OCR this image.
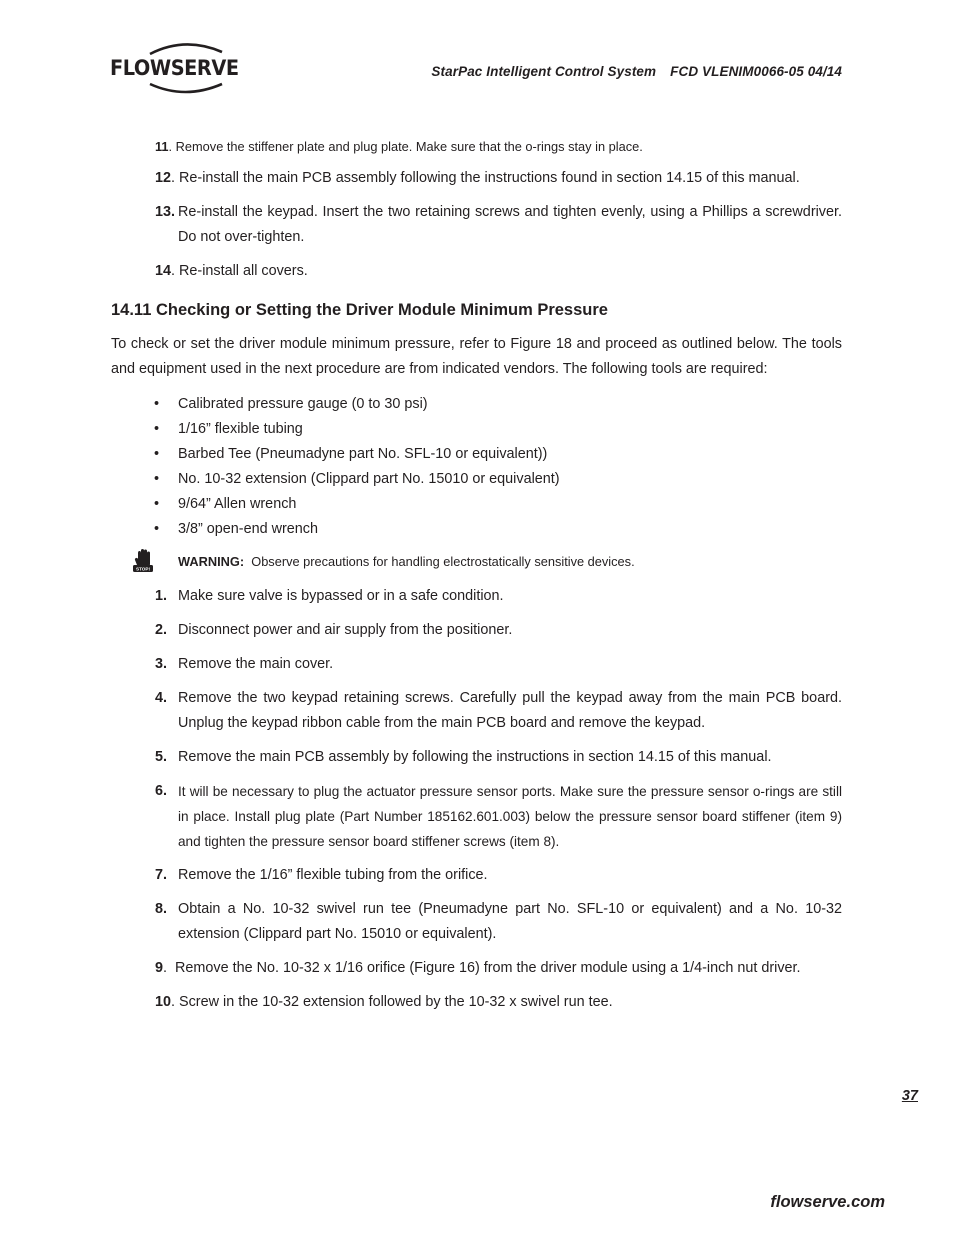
FLOWSERVE	StarPac Intelligent Control System FCD VLENIM0066-05 04/14
11. Remove the stiffener plate and plug plate. Make sure that the o-rings stay in place.
12. Re-install the main PCB assembly following the instructions found in section 14.15 of this manual.
13. Re-install the keypad. Insert the two retaining screws and tighten evenly, using a Phillips a screwdriver. Do not over-tighten.
14. Re-install all covers.
14.11 Checking or Setting the Driver Module Minimum Pressure

To check or set the driver module minimum pressure, refer to Figure 18 and proceed as outlined below. The tools and equipment used in the next procedure are from indicated vendors. The following tools are required:

• Calibrated pressure gauge (0 to 30 psi)
• 1/16” flexible tubing
• Barbed Tee (Pneumadyne part No. SFL-10 or equivalent))
• No. 10-32 extension (Clippard part No. 15010 or equivalent)
• 9/64” Allen wrench
• 3/8” open-end wrench
STOP!
WARNING: Observe precautions for handling electrostatically sensitive devices.
1. Make sure valve is bypassed or in a safe condition.
2. Disconnect power and air supply from the positioner.
3. Remove the main cover.
4. Remove the two keypad retaining screws. Carefully pull the keypad away from the main PCB board. Unplug the keypad ribbon cable from the main PCB board and remove the keypad.
5. Remove the main PCB assembly by following the instructions in section 14.15 of this manual.
6. It will be necessary to plug the actuator pressure sensor ports. Make sure the pressure sensor o-rings are still in place. Install plug plate (Part Number 185162.601.003) below the pressure sensor board stiffener (item 9) and tighten the pressure sensor board stiffener screws (item 8).
7. Remove the 1/16” flexible tubing from the orifice.
8. Obtain a No. 10-32 swivel run tee (Pneumadyne part No. SFL-10 or equivalent) and a No. 10-32 extension (Clippard part No. 15010 or equivalent).
9.  Remove the No. 10-32 x 1/16 orifice (Figure 16) from the driver module using a 1/4-inch nut driver.
10. Screw in the 10-32 extension followed by the 10-32 x swivel run tee.
37
flowserve.com
